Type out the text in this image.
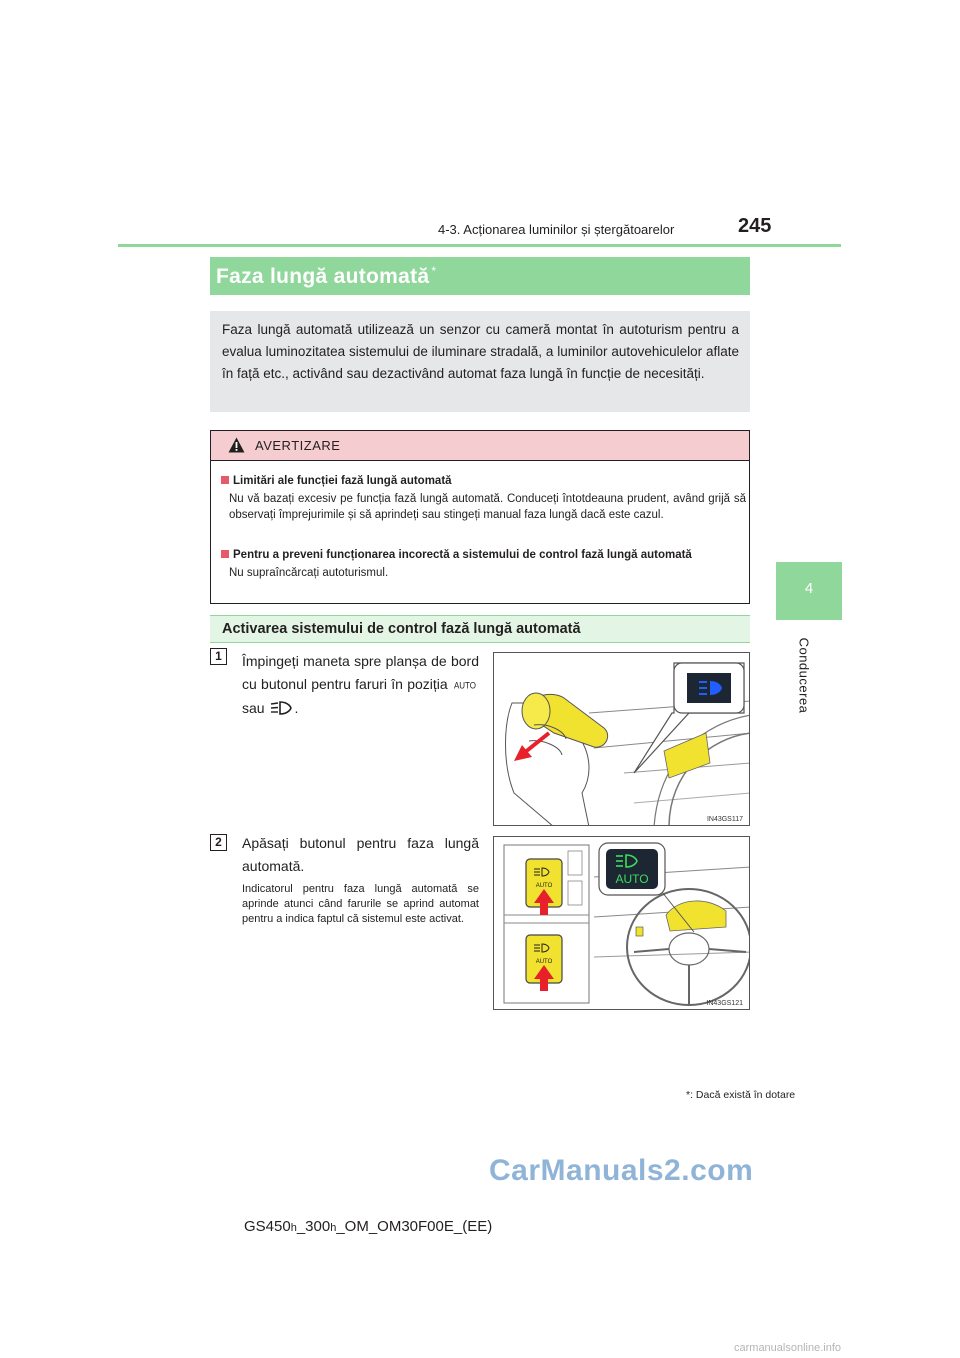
4-3. Acționarea luminilor și ștergătoarelor	245
4
Conducerea
Faza lungă automată *

Faza lungă automată utilizează un senzor cu cameră montat în autoturism pentru a evalua luminozitatea sistemului de iluminare stradală, a luminilor autovehiculelor aflate în față etc., activând sau dezactivând automat faza lungă în funcție de necesități.

AVERTIZARE
Limitări ale funcției fază lungă automată
Nu vă bazați excesiv pe funcția fază lungă automată. Conduceți întotdeauna prudent, având grijă să observați împrejurimile și să aprindeți sau stingeți manual faza lungă dacă este cazul.
Pentru a preveni funcționarea incorectă a sistemului de control fază lungă automată
Nu supraîncărcați autoturismul.
Activarea sistemului de control fază lungă automată
1	Împingeți maneta spre planșa de bord cu butonul pentru faruri în poziția AUTO sau .
IN43GS117
2	Apăsați butonul pentru faza lungă automată.
Indicatorul pentru faza lungă automată se aprinde atunci când farurile se aprind automat pentru a indica faptul că sistemul este activat.
AUTO
AUTO
AUTO
IN43GS121
*: Dacă există în dotare
CarManuals2.com
carmanualsonline.info
GS450h_300h_OM_OM30F00E_(EE)
